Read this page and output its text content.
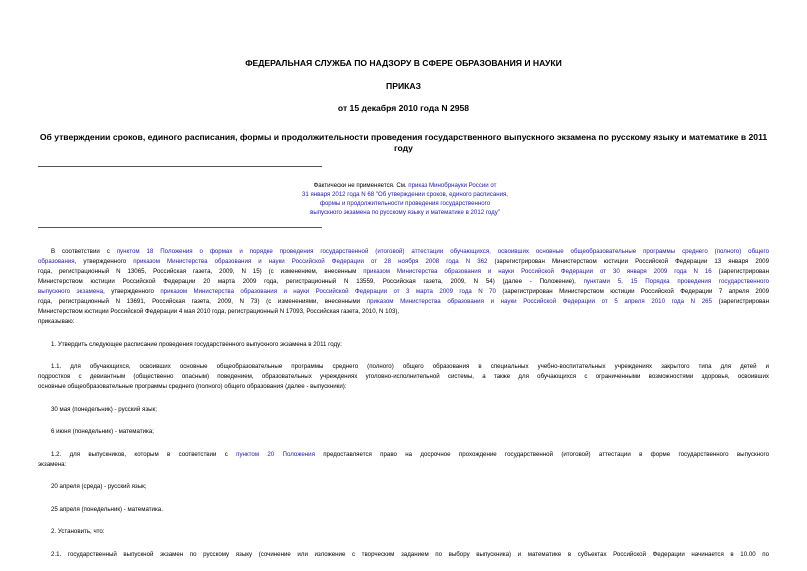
ФЕДЕРАЛЬНАЯ СЛУЖБА ПО НАДЗОРУ В СФЕРЕ ОБРАЗОВАНИЯ И НАУКИ
ПРИКАЗ
от 15 декабря 2010 года N 2958
Об утверждении сроков, единого расписания, формы и продолжительности проведения государственного выпускного экзамена по русскому языку и математике в 2011 году
Фактически не применяется. См. приказ Минобрнауки России от
31 января 2012 года N 68 "Об утверждении сроков, единого расписания,
формы и продолжительности проведения государственного
выпускного экзамена по русскому языку и математике в 2012 году"
В соответствии с пунктом 18 Положения о формах и порядке проведения государственной (итоговой) аттестации обучающихся, освоивших основные общеобразовательные программы среднего (полного) общего
образования, утвержденного приказом Министерства образования и науки Российской Федерации от 28 ноября 2008 года N 362 (зарегистрирован Министерством юстиции Российской Федерации 13 января 2009
года, регистрационный N 13065, Российская газета, 2009, N 15) (с изменением, внесенным приказом Министерства образования и науки Российской Федерации от 30 января 2009 года N 16 (зарегистрирован
Министерством юстиции Российской Федерации 20 марта 2009 года, регистрационный N 13559, Российская газета, 2009, N 54) (далее - Положение), пунктами 5, 15 Порядка проведения государственного
выпускного экзамена, утвержденного приказом Министерства образования и науки Российской Федерации от 3 марта 2009 года N 70 (зарегистрирован Министерством юстиции Российской Федерации 7 апреля 2009
года, регистрационный N 13691, Российская газета, 2009, N 73) (с изменениями, внесенными приказом Министерства образования и науки Российской Федерации от 5 апреля 2010 года N 265 (зарегистрирован
Министерством юстиции Российской Федерации 4 мая 2010 года, регистрационный N 17093, Российская газета, 2010, N 103),
приказываю:
1. Утвердить следующее расписание проведения государственного выпускного экзамена в 2011 году:
1.1. для обучающихся, освоивших основные общеобразовательные программы среднего (полного) общего образования в специальных учебно-воспитательных учреждениях закрытого типа для детей и
подростков с девиантным (общественно опасным) поведением, образовательных учреждениях уголовно-исполнительной системы, а также для обучающихся с ограниченными возможностями здоровья, освоивших
основные общеобразовательные программы среднего (полного) общего образования (далее - выпускники):
30 мая (понедельник) - русский язык;
6 июня (понедельник) - математика;
1.2. для выпускников, которым в соответствии с пунктом 20 Положения предоставляется право на досрочное прохождение государственной (итоговой) аттестации в форме государственного выпускного
экзамена:
20 апреля (среда) - русский язык;
25 апреля (понедельник) - математика.
2. Установить, что:
2.1. государственный выпускной экзамен по русскому языку (сочинение или изложение с творческим заданием по выбору выпускника) и математике в субъектах Российской Федерации начинается в 10.00 по
